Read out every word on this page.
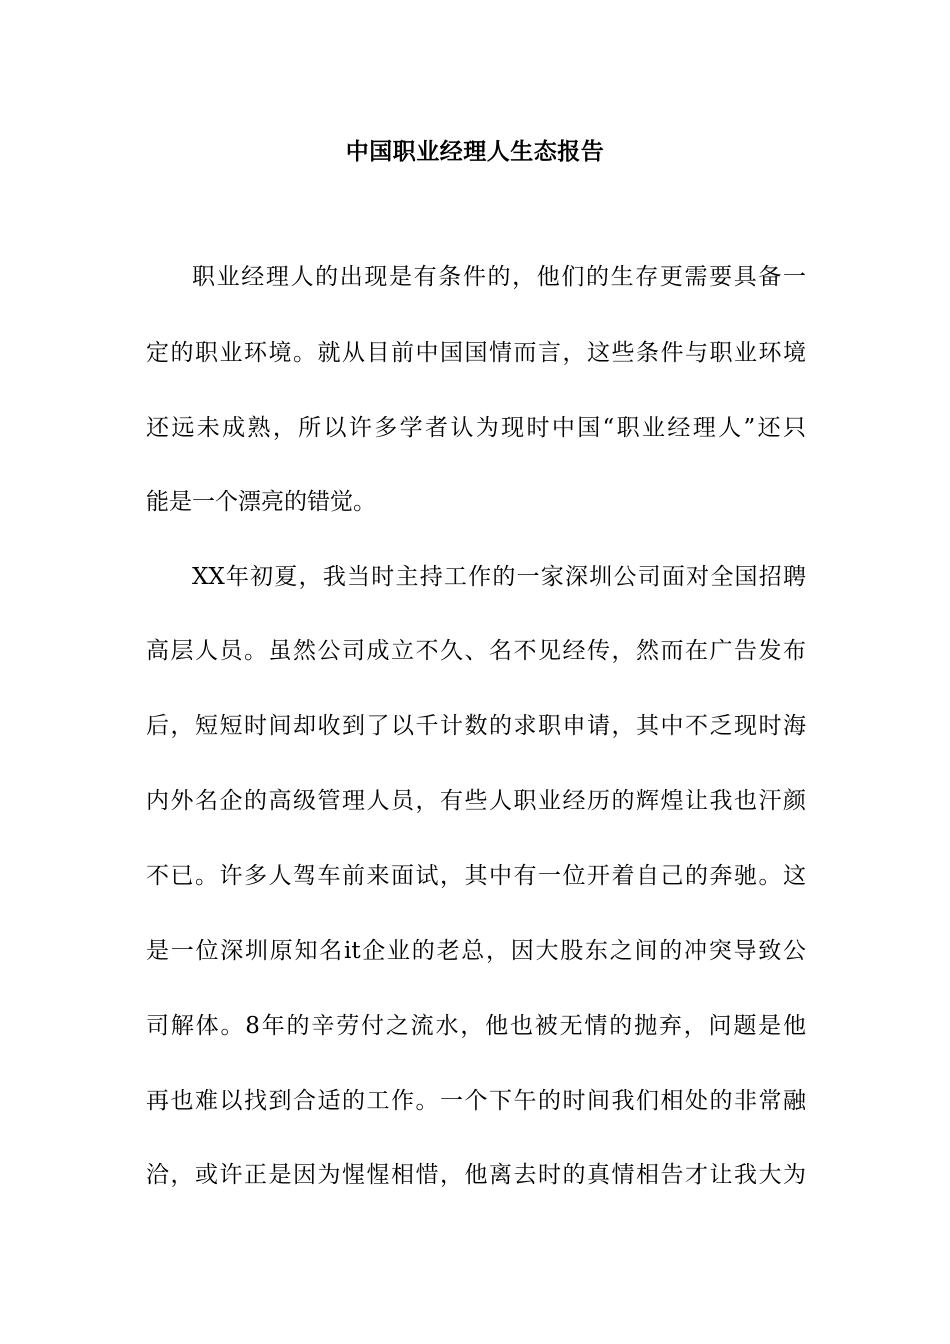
中国职业经理人生态报告
职业经理人的出现是有条件的，他们的生存更需要具备一
定的职业环境。就从目前中国国情而言，这些条件与职业环境
还远未成熟，所以许多学者认为现时中国“职业经理人”还只
能是一个漂亮的错觉。
XX年初夏，我当时主持工作的一家深圳公司面对全国招聘
高层人员。虽然公司成立不久、名不见经传，然而在广告发布
后，短短时间却收到了以千计数的求职申请，其中不乏现时海
内外名企的高级管理人员，有些人职业经历的辉煌让我也汗颜
不已。许多人驾车前来面试，其中有一位开着自己的奔驰。这
是一位深圳原知名it企业的老总，因大股东之间的冲突导致公
司解体。8年的辛劳付之流水，他也被无情的抛弃，问题是他
再也难以找到合适的工作。一个下午的时间我们相处的非常融
洽，或许正是因为惺惺相惜，他离去时的真情相告才让我大为
